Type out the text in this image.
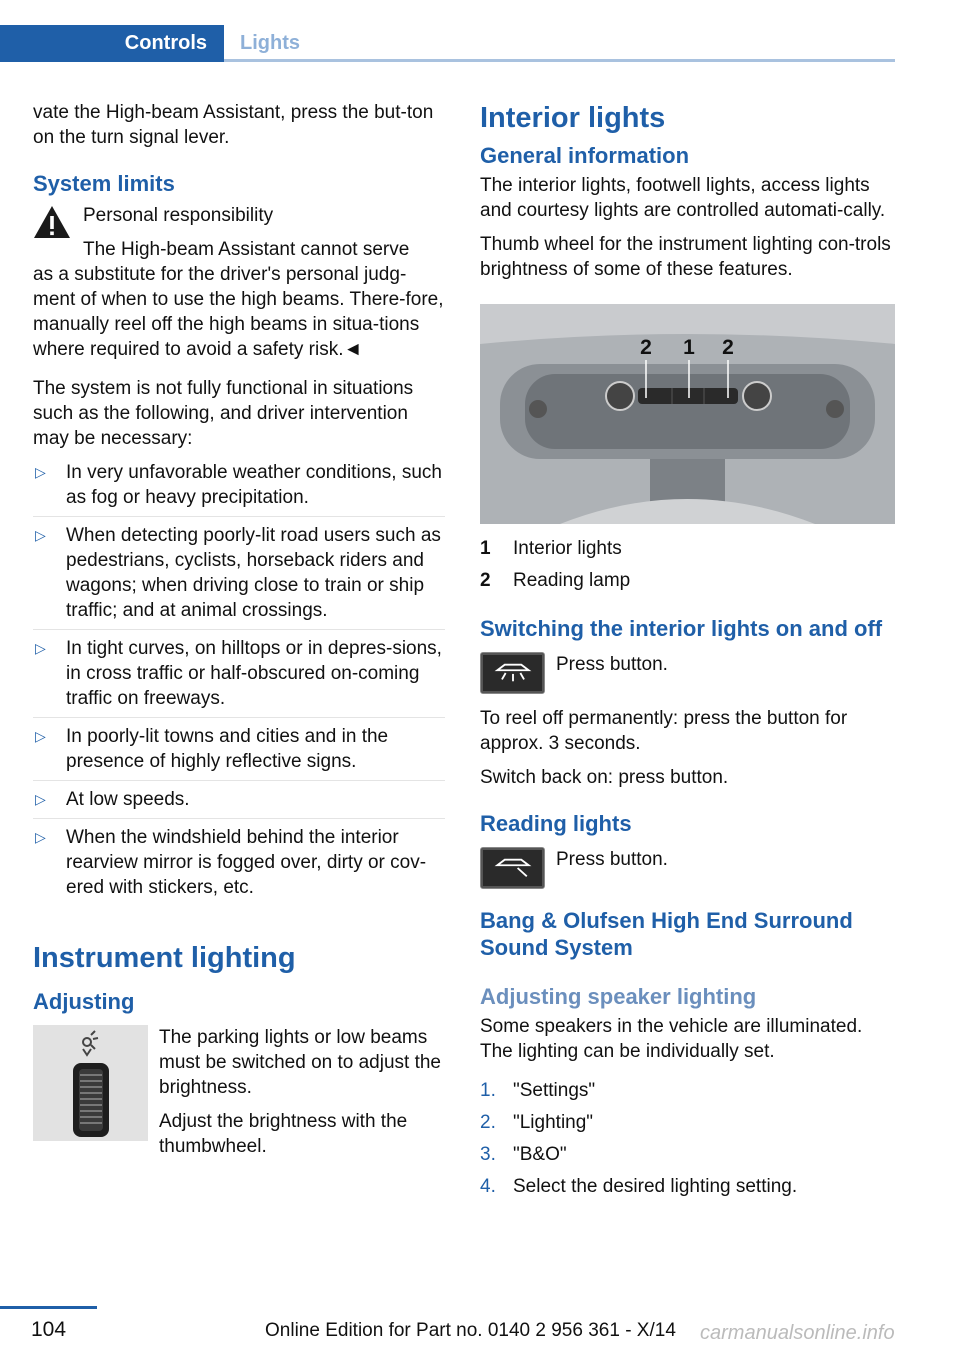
Controls Lights

vate the High-beam Assistant, press the but-ton on the turn signal lever.

System limits

Personal responsibility

The High-beam Assistant cannot serve

as a substitute for the driver's personal judg-ment of when to use the high beams. There-fore, manually reel off the high beams in situa-tions where required to avoid a safety risk.◄

The system is not fully functional in situations such as the following, and driver intervention may be necessary:

▷ In very unfavorable weather conditions, such as fog or heavy precipitation.
▷ When detecting poorly-lit road users such as pedestrians, cyclists, horseback riders and wagons; when driving close to train or ship traffic; and at animal crossings.
▷ In tight curves, on hilltops or in depres-sions, in cross traffic or half-obscured on-coming traffic on freeways.
▷ In poorly-lit towns and cities and in the presence of highly reflective signs.
▷ At low speeds.
▷ When the windshield behind the interior rearview mirror is fogged over, dirty or cov-ered with stickers, etc.
Instrument lighting
Adjusting

The parking lights or low beams must be switched on to adjust the brightness.

Adjust the brightness with the thumbwheel.

Interior lights
General information

The interior lights, footwell lights, access lights and courtesy lights are controlled automati-cally.

Thumb wheel for the instrument lighting con-trols brightness of some of these features.

2 1 2
1	Interior lights
2	Reading lamp
Switching the interior lights on and off

Press button.

To reel off permanently: press the button for approx. 3 seconds.

Switch back on: press button.

Reading lights

Press button.

Bang & Olufsen High End Surround Sound System
Adjusting speaker lighting

Some speakers in the vehicle are illuminated. The lighting can be individually set.

1. "Settings"
2. "Lighting"
3. "B&O"
4. Select the desired lighting setting.
104	Online Edition for Part no. 0140 2 956 361 - X/14 carmanualsonline.info
